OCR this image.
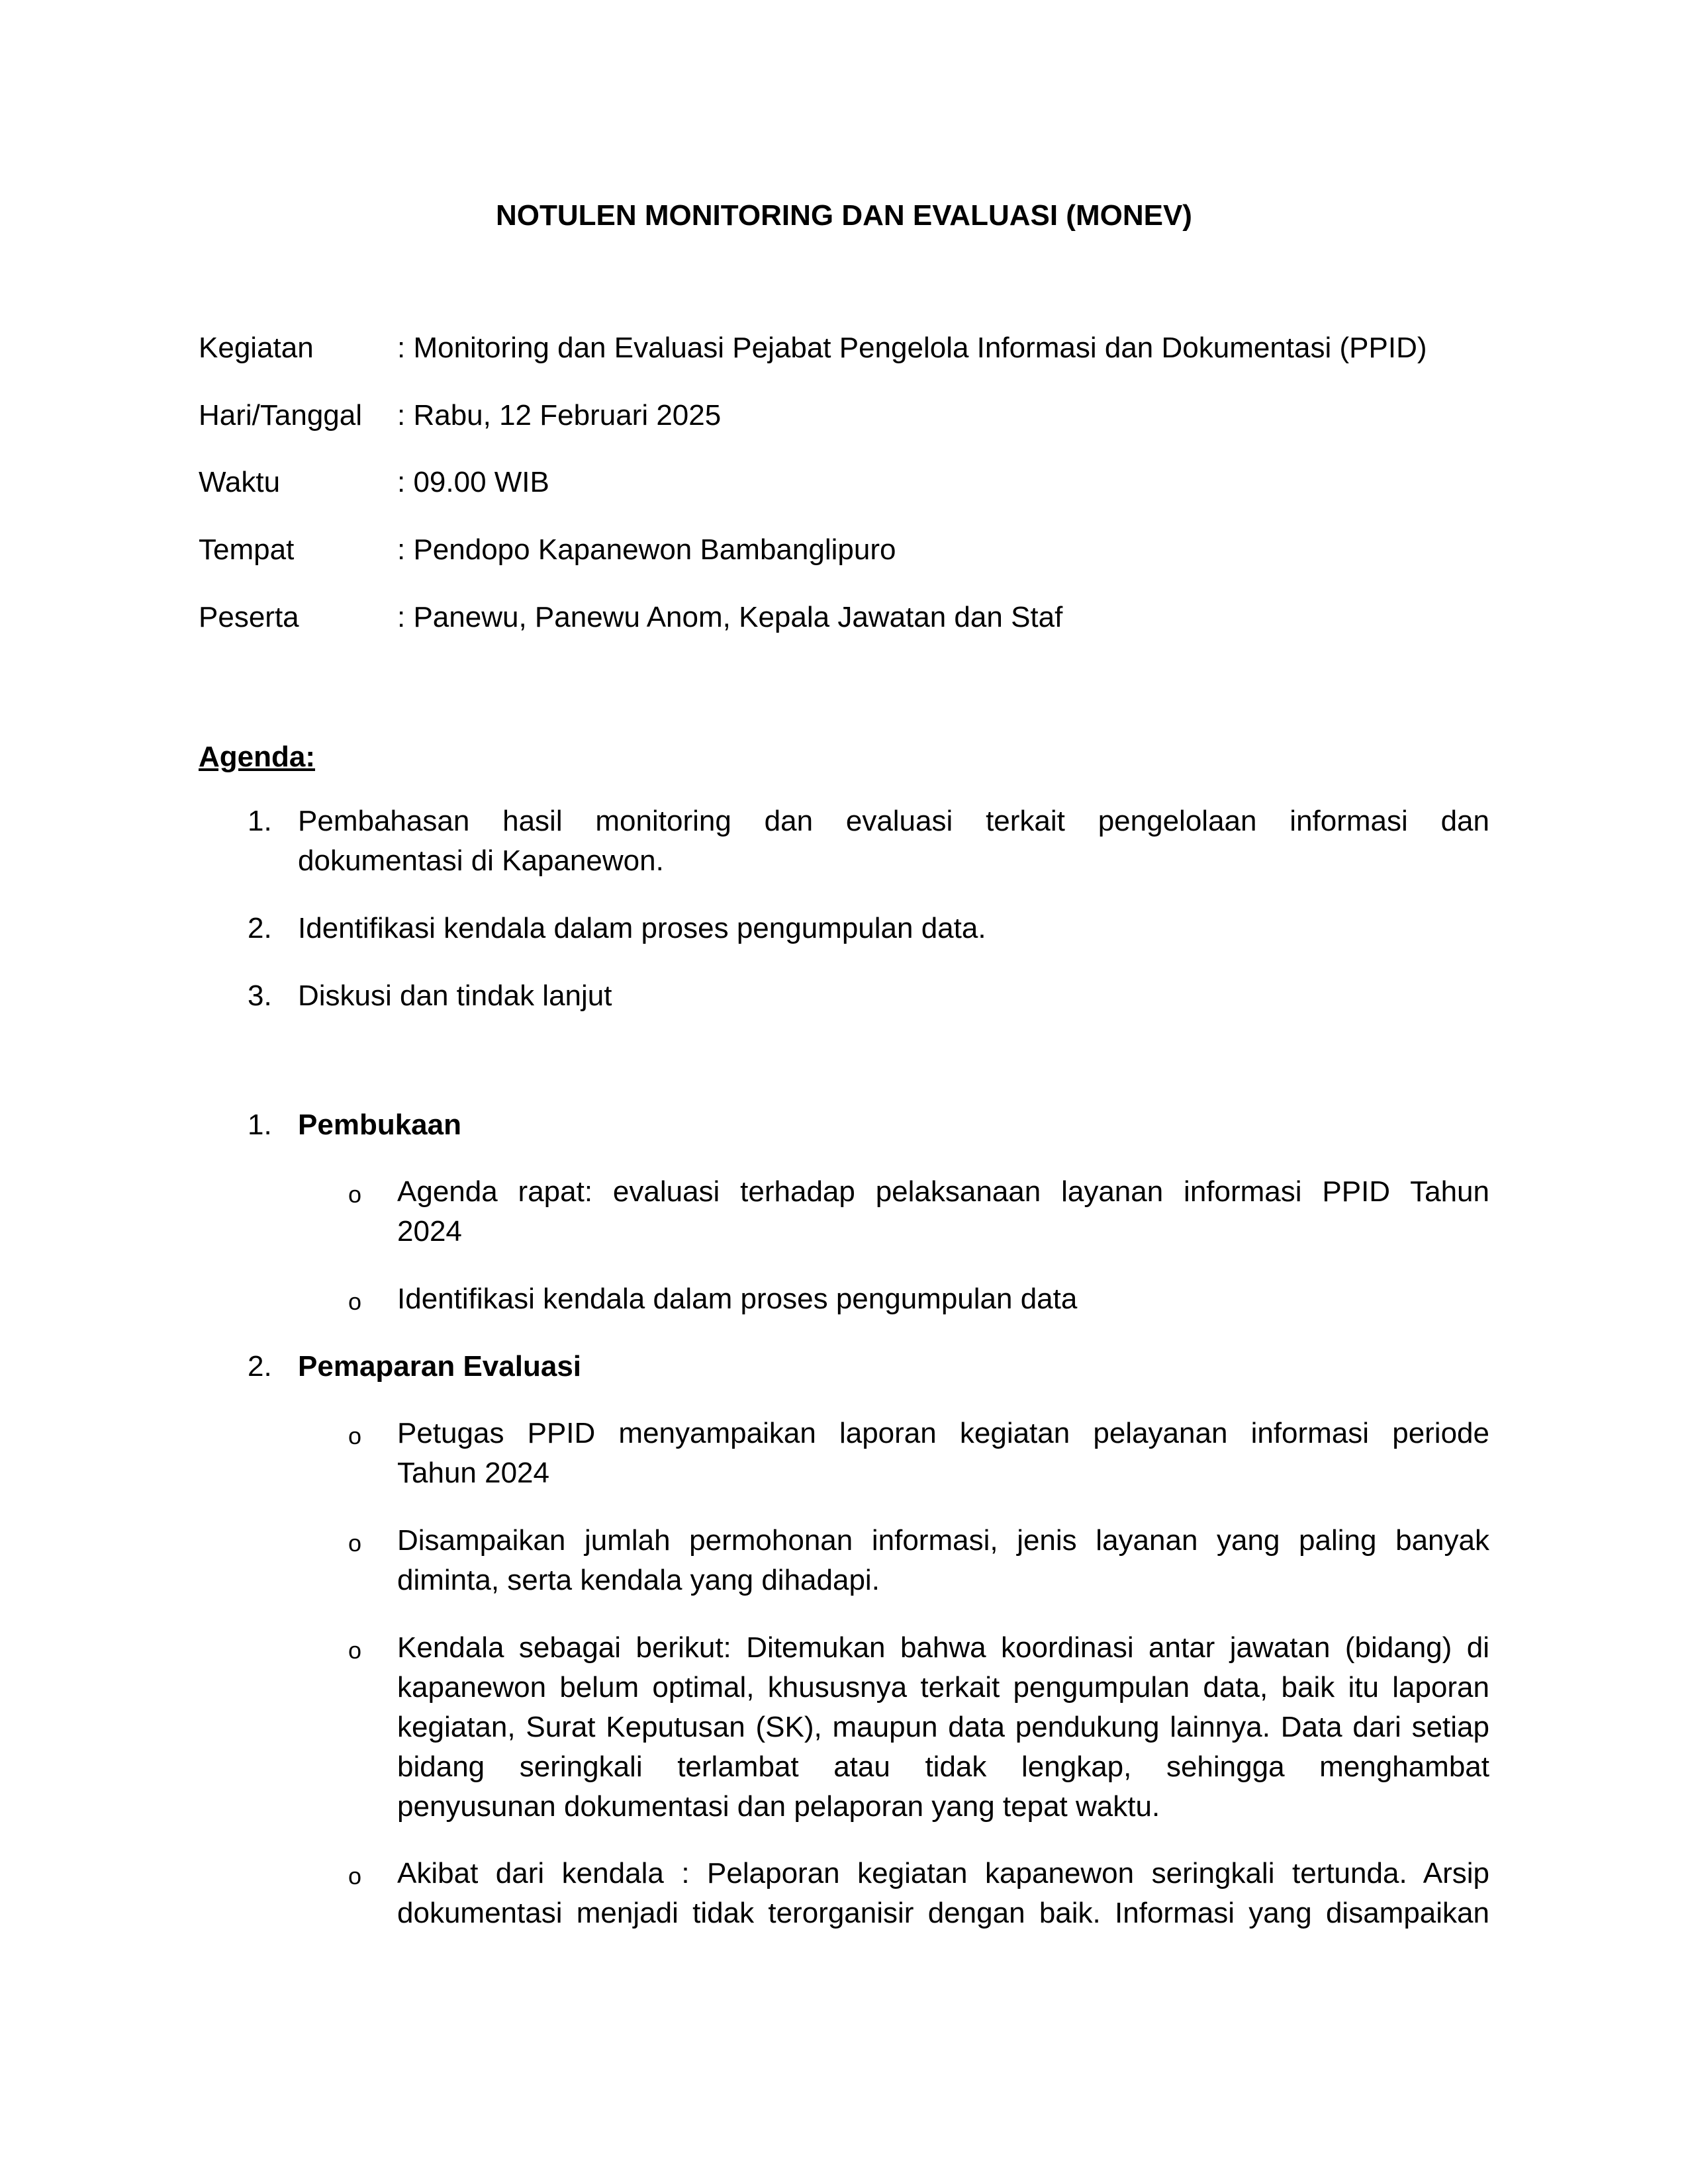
NOTULEN MONITORING DAN EVALUASI (MONEV)
Kegiatan	: Monitoring dan Evaluasi Pejabat Pengelola Informasi dan Dokumentasi (PPID)
Hari/Tanggal : Rabu, 12 Februari 2025
Waktu	: 09.00 WIB
Tempat	: Pendopo Kapanewon Bambanglipuro
Peserta	: Panewu, Panewu Anom, Kepala Jawatan dan Staf
Agenda:
1. Pembahasan hasil monitoring dan evaluasi terkait pengelolaan informasi dan
dokumentasi di Kapanewon.
2. Identifikasi kendala dalam proses pengumpulan data.
3. Diskusi dan tindak lanjut
1. Pembukaan
o Agenda rapat: evaluasi terhadap pelaksanaan layanan informasi PPID Tahun
2024
o Identifikasi kendala dalam proses pengumpulan data
2. Pemaparan Evaluasi
o Petugas PPID menyampaikan laporan kegiatan pelayanan informasi periode
Tahun 2024
o Disampaikan jumlah permohonan informasi, jenis layanan yang paling banyak
diminta, serta kendala yang dihadapi.
o Kendala sebagai berikut: Ditemukan bahwa koordinasi antar jawatan (bidang) di
kapanewon belum optimal, khususnya terkait pengumpulan data, baik itu laporan
kegiatan, Surat Keputusan (SK), maupun data pendukung lainnya. Data dari setiap
bidang seringkali terlambat atau tidak lengkap, sehingga menghambat
penyusunan dokumentasi dan pelaporan yang tepat waktu.
o Akibat dari kendala : Pelaporan kegiatan kapanewon seringkali tertunda. Arsip
dokumentasi menjadi tidak terorganisir dengan baik. Informasi yang disampaikan
